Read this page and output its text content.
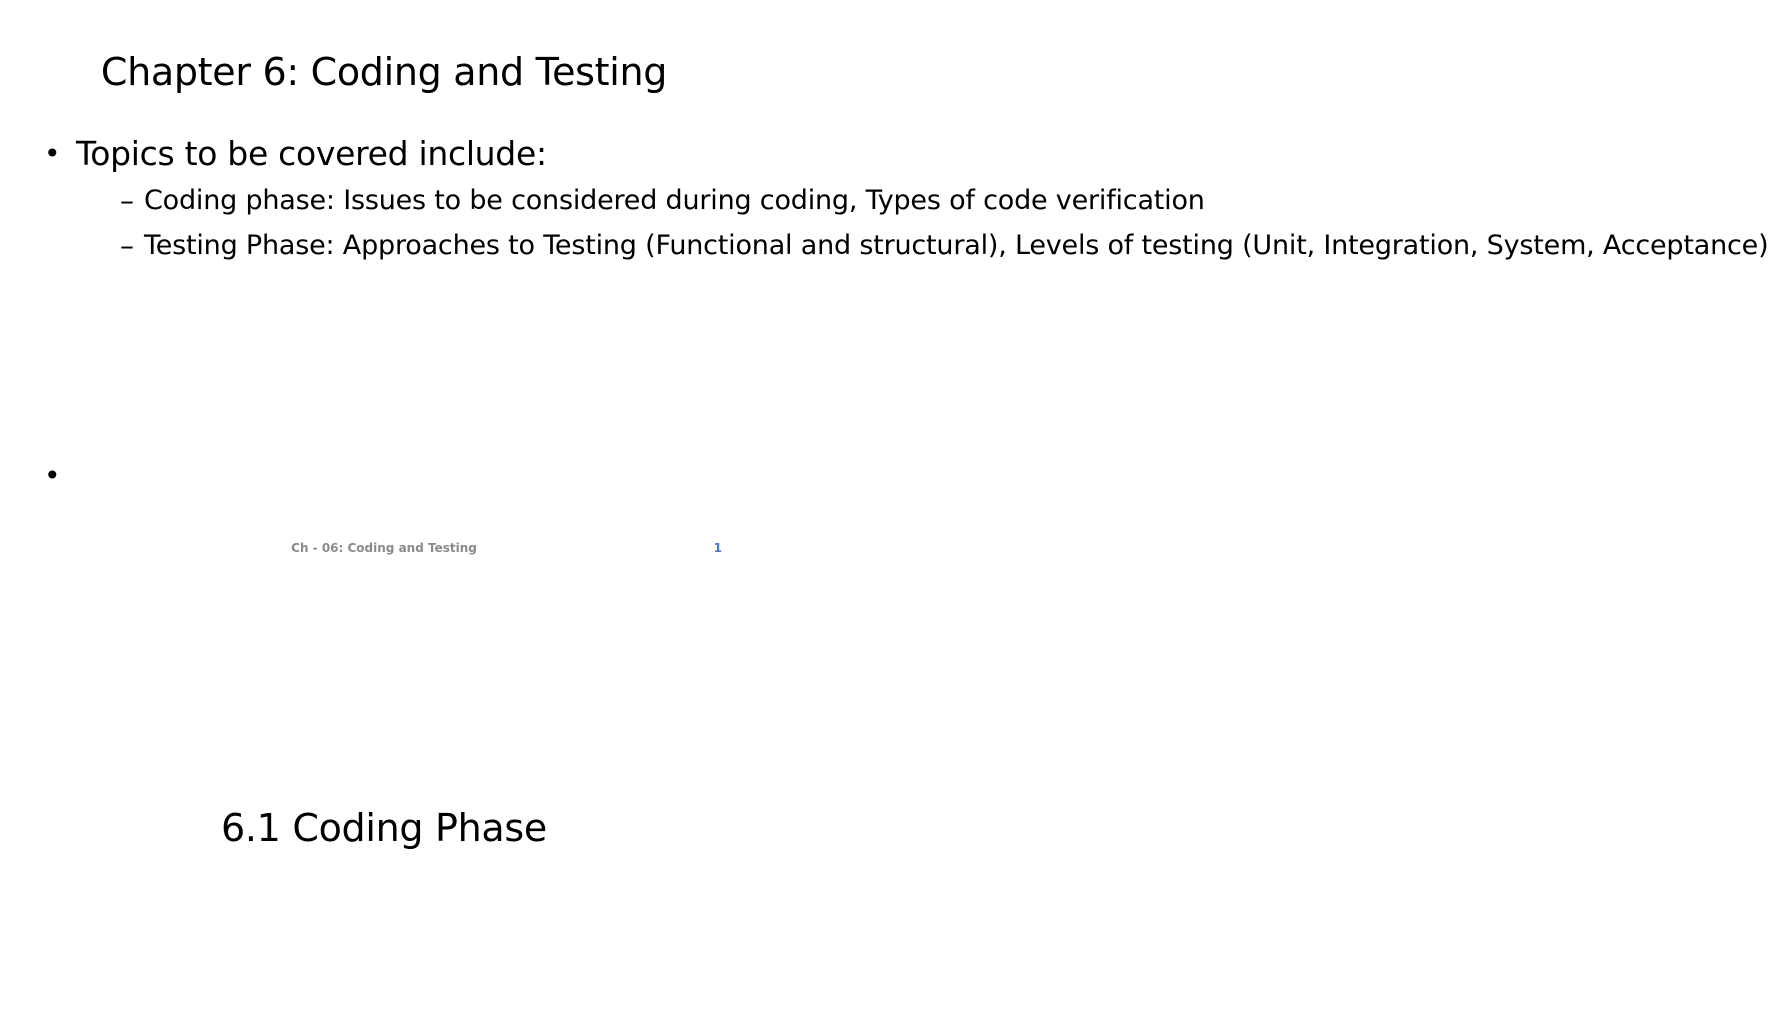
Chapter 6: Coding and Testing
• Topics to be covered include:
– Coding phase: Issues to be considered during coding, Types of code verification
– Testing Phase: Approaches to Testing (Functional and structural), Levels of testing (Unit, Integration, System, Acceptance)
•
Ch - 06: Coding and Testing	1
6.1 Coding Phase
